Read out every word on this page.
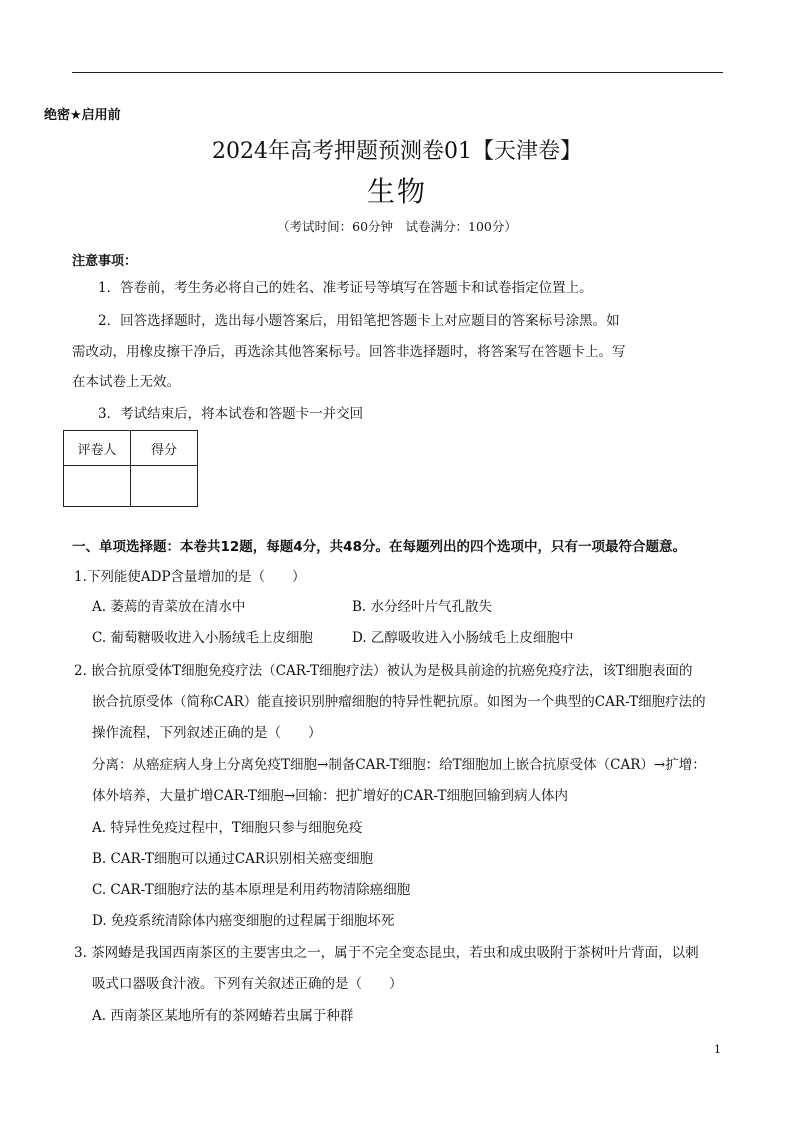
绝密★启用前
2024年高考押题预测卷01【天津卷】
生物
（考试时间：60分钟　试卷满分：100分）
注意事项：
1．答卷前，考生务必将自己的姓名、准考证号等填写在答题卡和试卷指定位置上。
2．回答选择题时，选出每小题答案后，用铅笔把答题卡上对应题目的答案标号涂黑。如
需改动，用橡皮擦干净后，再选涂其他答案标号。回答非选择题时，将答案写在答题卡上。写
在本试卷上无效。
3．考试结束后，将本试卷和答题卡一并交回
评卷人	得分

一、单项选择题：本卷共12题，每题4分，共48分。在每题列出的四个选项中，只有一项最符合题意。
1.下列能使ADP含量增加的是（　　）
A. 萎蔫的青菜放在清水中	B. 水分经叶片气孔散失
C. 葡萄糖吸收进入小肠绒毛上皮细胞	D. 乙醇吸收进入小肠绒毛上皮细胞中
2. 嵌合抗原受体T细胞免疫疗法（CAR-T细胞疗法）被认为是极具前途的抗癌免疫疗法，该T细胞表面的
嵌合抗原受体（简称CAR）能直接识别肿瘤细胞的特异性靶抗原。如图为一个典型的CAR-T细胞疗法的
操作流程，下列叙述正确的是（　　）
分离：从癌症病人身上分离免疫T细胞→制备CAR-T细胞：给T细胞加上嵌合抗原受体（CAR）→扩增：
体外培养，大量扩增CAR-T细胞→回输：把扩增好的CAR-T细胞回输到病人体内
A. 特异性免疫过程中，T细胞只参与细胞免疫
B. CAR-T细胞可以通过CAR识别相关癌变细胞
C. CAR-T细胞疗法的基本原理是利用药物清除癌细胞
D. 免疫系统清除体内癌变细胞的过程属于细胞坏死
3. 茶网蝽是我国西南茶区的主要害虫之一，属于不完全变态昆虫，若虫和成虫吸附于茶树叶片背面，以刺
吸式口器吸食汁液。下列有关叙述正确的是（　　）
A. 西南茶区某地所有的茶网蝽若虫属于种群
1
